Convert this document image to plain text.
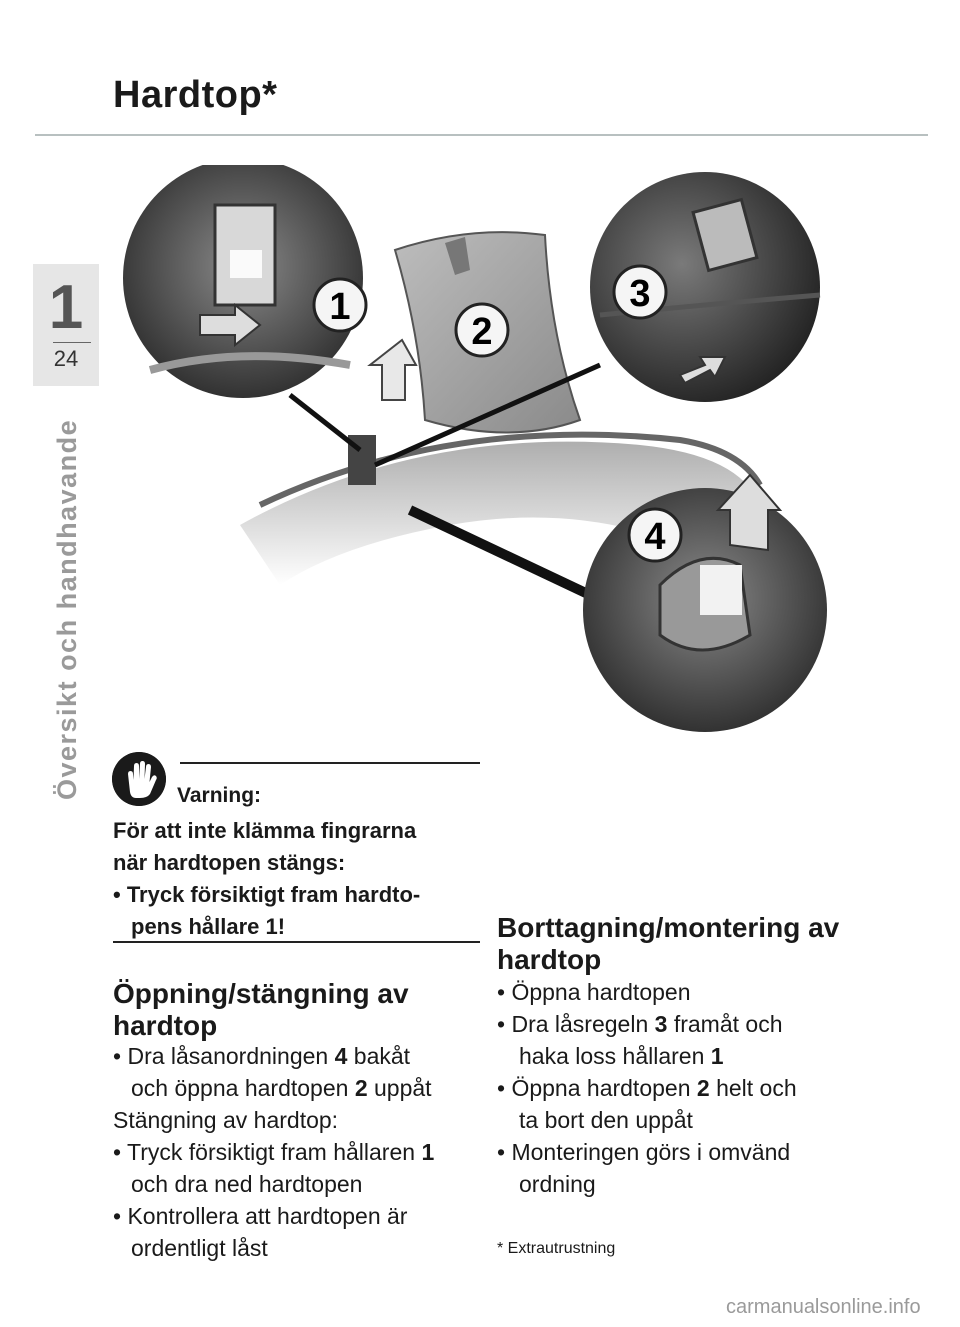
Hardtop*
1
24
Översikt och handhavande
1
2
3
4
Varning:
För att inte klämma fingrarna
när hardtopen stängs:
• Tryck försiktigt fram hardto-
pens hållare 1!
Öppning/stängning av
hardtop
• Dra låsanordningen 4 bakåt
och öppna hardtopen 2 uppåt
Stängning av hardtop:
• Tryck försiktigt fram hållaren 1
och dra ned hardtopen
• Kontrollera att hardtopen är
ordentligt låst
Borttagning/montering av
hardtop
• Öppna hardtopen
• Dra låsregeln 3 framåt och
haka loss hållaren 1
• Öppna hardtopen 2 helt och
ta bort den uppåt
• Monteringen görs i omvänd
ordning
* Extrautrustning
carmanualsonline.info
